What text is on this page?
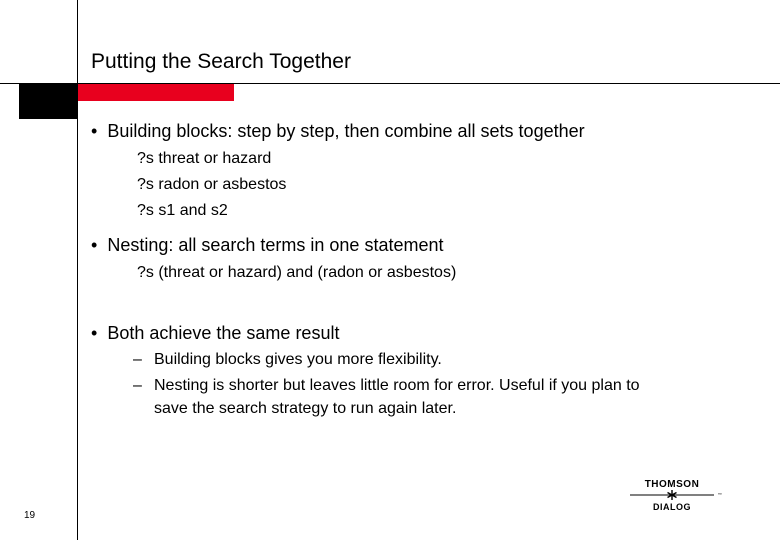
Putting the Search Together
• Building blocks: step by step, then combine all sets together
?s threat or hazard
?s radon or asbestos
?s s1 and s2
• Nesting: all search terms in one statement
?s (threat or hazard) and (radon or asbestos)
• Both achieve the same result
– Building blocks gives you more flexibility.
– Nesting is shorter but leaves little room for error. Useful if you plan to
save the search strategy to run again later.
19
THOMSON
™
DIALOG
